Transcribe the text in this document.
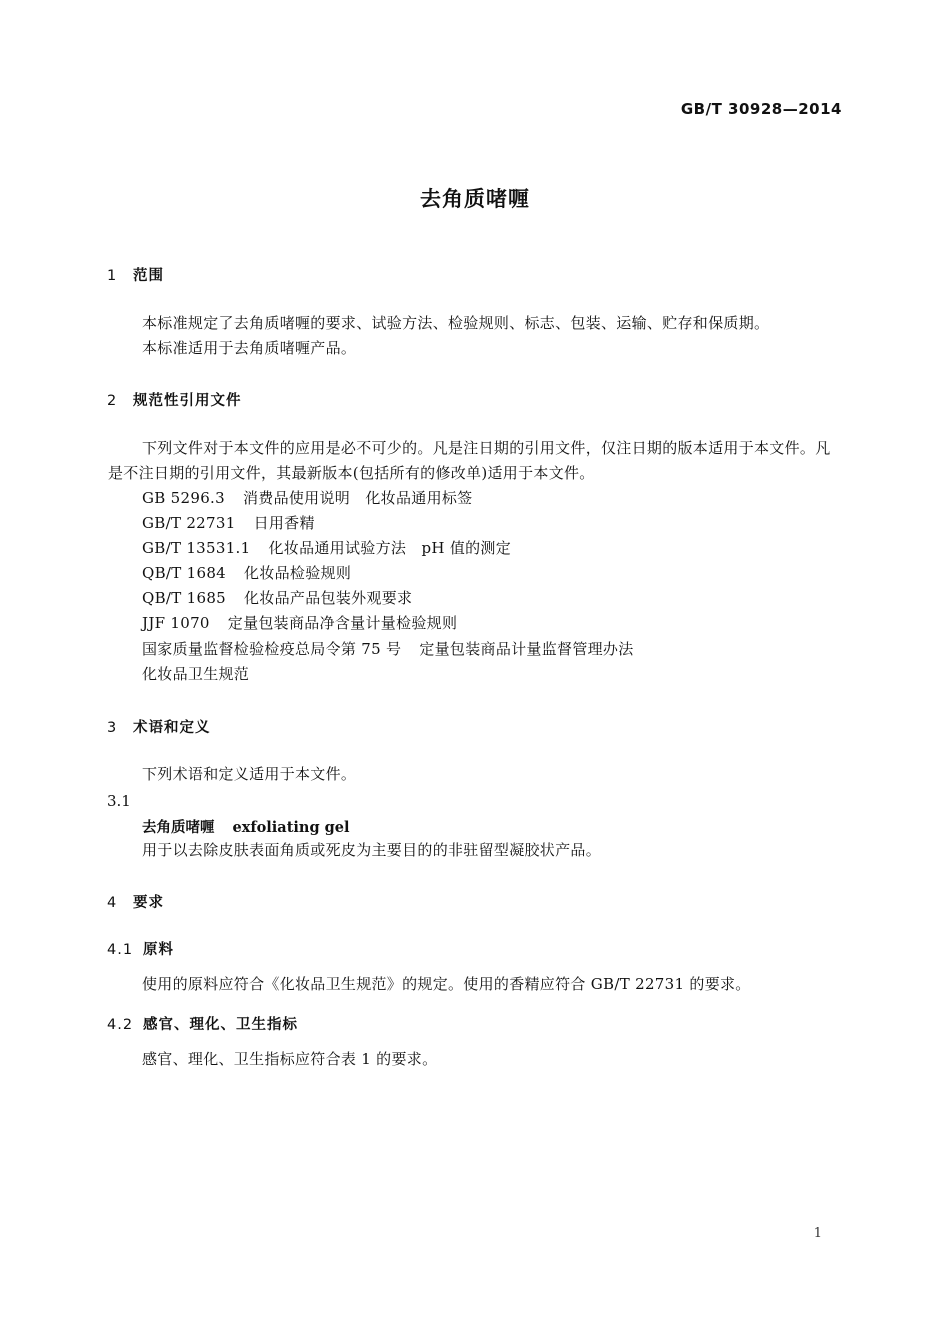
GB/T 30928—2014
去角质啫喱
1 范围
本标准规定了去角质啫喱的要求、试验方法、检验规则、标志、包装、运输、贮存和保质期。
本标准适用于去角质啫喱产品。
2 规范性引用文件
下列文件对于本文件的应用是必不可少的。凡是注日期的引用文件，仅注日期的版本适用于本文件。凡是不注日期的引用文件，其最新版本(包括所有的修改单)适用于本文件。
GB 5296.3 消费品使用说明　化妆品通用标签
GB/T 22731 日用香精
GB/T 13531.1 化妆品通用试验方法　pH 值的测定
QB/T 1684 化妆品检验规则
QB/T 1685 化妆品产品包装外观要求
JJF 1070 定量包装商品净含量计量检验规则
国家质量监督检验检疫总局令第 75 号 定量包装商品计量监督管理办法
化妆品卫生规范
3 术语和定义
下列术语和定义适用于本文件。
3.1
去角质啫喱 exfoliating gel
用于以去除皮肤表面角质或死皮为主要目的的非驻留型凝胶状产品。
4 要求
4.1 原料
使用的原料应符合《化妆品卫生规范》的规定。使用的香精应符合 GB/T 22731 的要求。
4.2 感官、理化、卫生指标
感官、理化、卫生指标应符合表 1 的要求。
1
